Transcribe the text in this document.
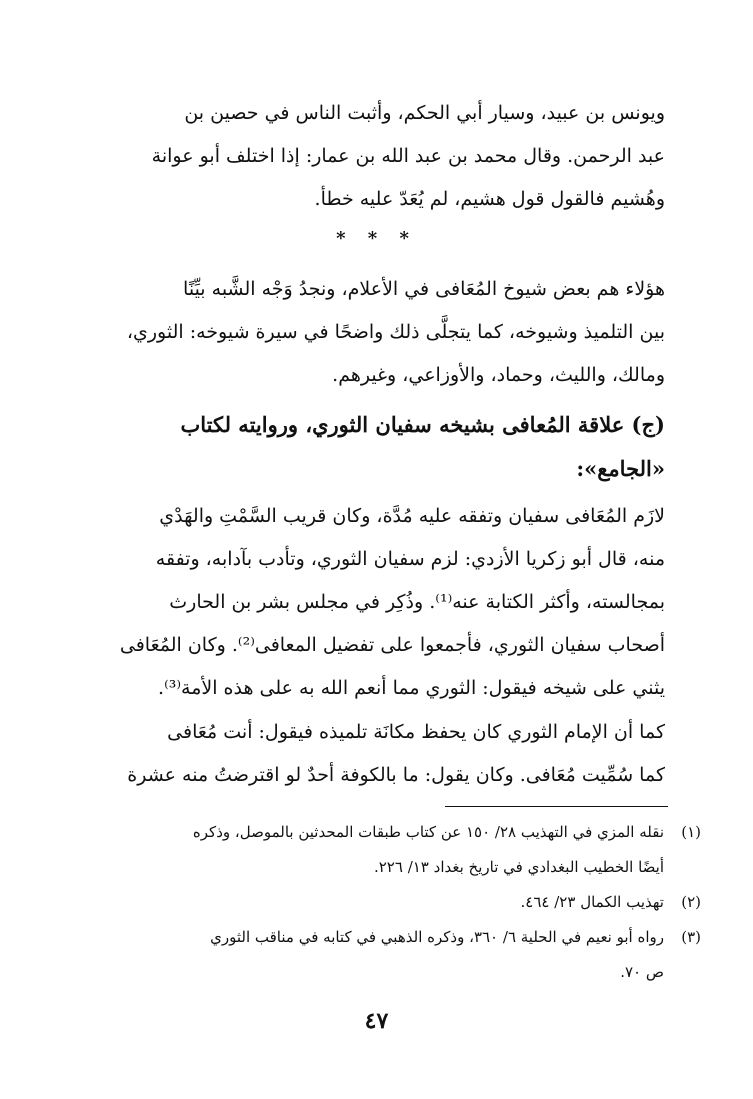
ويونس بن عبيد، وسيار أبي الحكم، وأثبت الناس في حصين بن
عبد الرحمن. وقال محمد بن عبد الله بن عمار: إذا اختلف أبو عوانة
وهُشيم فالقول قول هشيم، لم يُعَدّ عليه خطأ.
* * *
هؤلاء هم بعض شيوخ المُعَافى في الأعلام، ونجدُ وَجْه الشَّبه بيِّنًا
بين التلميذ وشيوخه، كما يتجلَّى ذلك واضحًا في سيرة شيوخه: الثوري،
ومالك، والليث، وحماد، والأوزاعي، وغيرهم.
(ج) علاقة المُعافى بشيخه سفيان الثوري، وروايته لكتاب
«الجامع»:
لازَم المُعَافى سفيان وتفقه عليه مُدَّة، وكان قريب السَّمْتِ والهَدْي
منه، قال أبو زكريا الأزدي: لزم سفيان الثوري، وتأدب بآدابه، وتفقه
بمجالسته، وأكثر الكتابة عنه⁽¹⁾. وذُكِر في مجلس بشر بن الحارث
أصحاب سفيان الثوري، فأجمعوا على تفضيل المعافى⁽²⁾. وكان المُعَافى
يثني على شيخه فيقول: الثوري مما أنعم الله به على هذه الأمة⁽³⁾.
كما أن الإمام الثوري كان يحفظ مكانَة تلميذه فيقول: أنت مُعَافى
كما سُمِّيت مُعَافى. وكان يقول: ما بالكوفة أحدٌ لو اقترضتُ منه عشرة
(١)
نقله المزي في التهذيب ٢٨/ ١٥٠ عن كتاب طبقات المحدثين بالموصل، وذكره
أيضًا الخطيب البغدادي في تاريخ بغداد ١٣/ ٢٢٦.
(٢)
تهذيب الكمال ٢٣/ ٤٦٤.
(٣)
رواه أبو نعيم في الحلية ٦/ ٣٦٠، وذكره الذهبي في كتابه في مناقب الثوري
ص ٧٠.
٤٧
